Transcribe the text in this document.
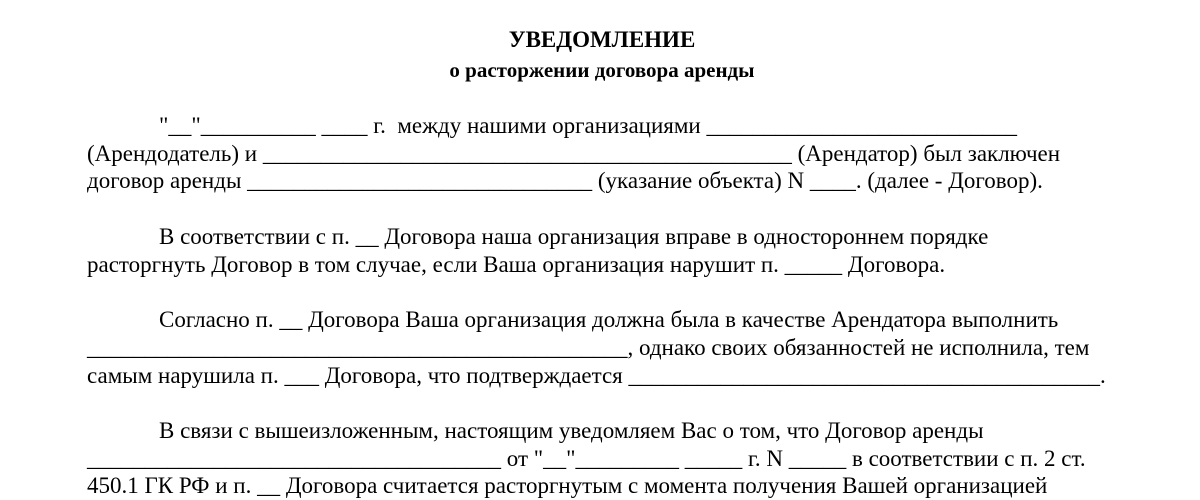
УВЕДОМЛЕНИЕ
о расторжении договора аренды
"__"__________ ____ г.  между нашими организациями ___________________________
(Арендодатель) и ______________________________________________ (Арендатор) был заключен
договор аренды ______________________________ (указание объекта) N ____. (далее - Договор).
В соответствии с п. __ Договора наша организация вправе в одностороннем порядке
расторгнуть Договор в том случае, если Ваша организация нарушит п. _____ Договора.
Согласно п. __ Договора Ваша организация должна была в качестве Арендатора выполнить
_______________________________________________, однако своих обязанностей не исполнила, тем
самым нарушила п. ___ Договора, что подтверждается _________________________________________.
В связи с вышеизложенным, настоящим уведомляем Вас о том, что Договор аренды
____________________________________ от "__"_________ _____ г. N _____ в соответствии с п. 2 ст.
450.1 ГК РФ и п. __ Договора считается расторгнутым с момента получения Вашей организацией
